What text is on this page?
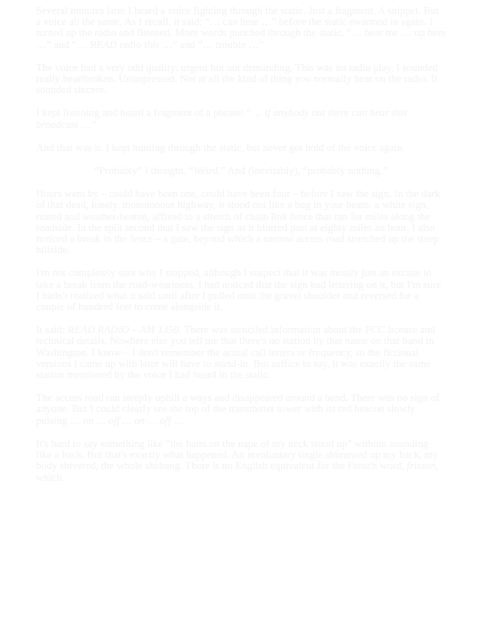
Several minutes later I heard a voice fighting through the static. Just a fragment. A snippet. But a voice all the same. As I recall, it said: “… can hear …” before the static swarmed in again. I turned up the radio and listened. More words punched through the static. “… hear me … up here …” and “… READ radio this …” and “… trouble …”

The voice had a very odd quality: urgent but not demanding. This was no radio play, I sounded really heartbroken. Unimpressed. Not at all the kind of thing you normally hear on the radio. It sounded sincere.

I kept listening and heard a fragment of a phrase: “… if anybody out there can hear this broadcast …”

And that was it. I kept hunting through the static, but never got hold of the voice again.

“Probably” I thought. “Weird.” And (inevitably), “probably nothing.”

Hours went by – could have been one, could have been four – before I saw the sign. In the dark of that dead, lonely, monotonous highway, it stood out like a bug in your beam: a white sign, rusted and weather-beaten, affixed to a stretch of chain link fence that ran for miles along the roadside. In the split second that I saw the sign as it blurred past at eighty miles an hour, I also noticed a break in the fence – a gate, beyond which a narrow access road stretched up the steep hillside.

I'm not completely sure why I stopped, although I suspect that it was mostly just an excuse to take a break from the road-weariness. I had noticed that the sign had lettering on it, but I'm sure I hadn't realized what it said until after I pulled onto the gravel shoulder and reversed for a couple of hundred feet to come alongside it.

It said: READ RADIO – AM 1350. There was stenciled information about the FCC license and technical details. Nowhere else you tell me that there's no station by that name on that band in Washington. I know – I don't remember the actual call letters or frequency, so the fictional versions I came up with later will have to stand-in. But suffice to say, it was exactly the same station mentioned by the voice I had heard in the static.

The access road ran steeply uphill a ways and disappeared around a bend. There was no sign of anyone. But I could clearly see the top of the transmitter tower with its red beacon slowly pulsing … on … off … on … off …

It's hard to say something like “the hairs on the nape of my neck stood up” without sounding like a hack. But that's exactly what happened. An involuntary tingle shimmied up my back, my body shivered, the whole shebang. There is no English equivalent for the French word, frisson, which
